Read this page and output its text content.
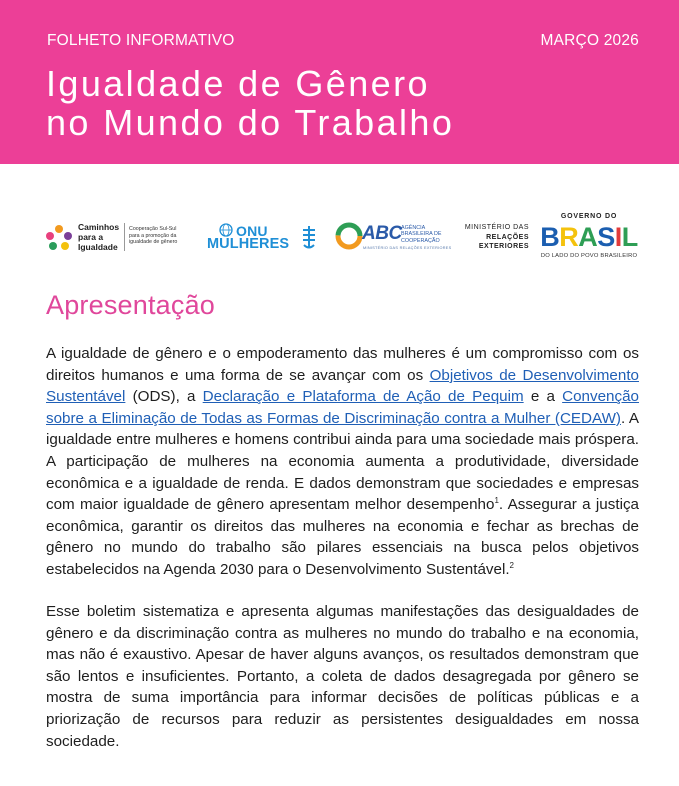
FOLHETO INFORMATIVO	MARÇO 2026
Igualdade de Gênero
no Mundo do Trabalho
Caminhos
para a
Igualdade
Cooperação Sul-Sul
para a promoção da
igualdade de gênero
ONU
MULHERES	ABC AGÊNCIA
BRASILEIRA DE
COOPERAÇÃO
MINISTÉRIO DAS RELAÇÕES EXTERIORES
MINISTÉRIO DAS
RELAÇÕES
EXTERIORES
GOVERNO DO
BRASIL
DO LADO DO POVO BRASILEIRO
Apresentação

A igualdade de gênero e o empoderamento das mulheres é um compromisso com os direitos humanos e uma forma de se avançar com os Objetivos de Desenvolvimento Sustentável (ODS), a Declaração e Plataforma de Ação de Pequim e a Convenção sobre a Eliminação de Todas as Formas de Discriminação contra a Mulher (CEDAW). A igualdade entre mulheres e homens contribui ainda para uma sociedade mais próspera. A participação de mulheres na economia aumenta a produtividade, diversidade econômica e a igualdade de renda. E dados demonstram que sociedades e empresas com maior igualdade de gênero apresentam melhor desempenho$^1$. Assegurar a justiça econômica, garantir os direitos das mulheres na economia e fechar as brechas de gênero no mundo do trabalho são pilares essenciais na busca pelos objetivos estabelecidos na Agenda 2030 para o Desenvolvimento Sustentável.$^2$

Esse boletim sistematiza e apresenta algumas manifestações das desigualdades de gênero e da discriminação contra as mulheres no mundo do trabalho e na economia, mas não é exaustivo. Apesar de haver alguns avanços, os resultados demonstram que são lentos e insuficientes. Portanto, a coleta de dados desagregada por gênero se mostra de suma importância para informar decisões de políticas públicas e a priorização de recursos para reduzir as persistentes desigualdades em nossa sociedade.
